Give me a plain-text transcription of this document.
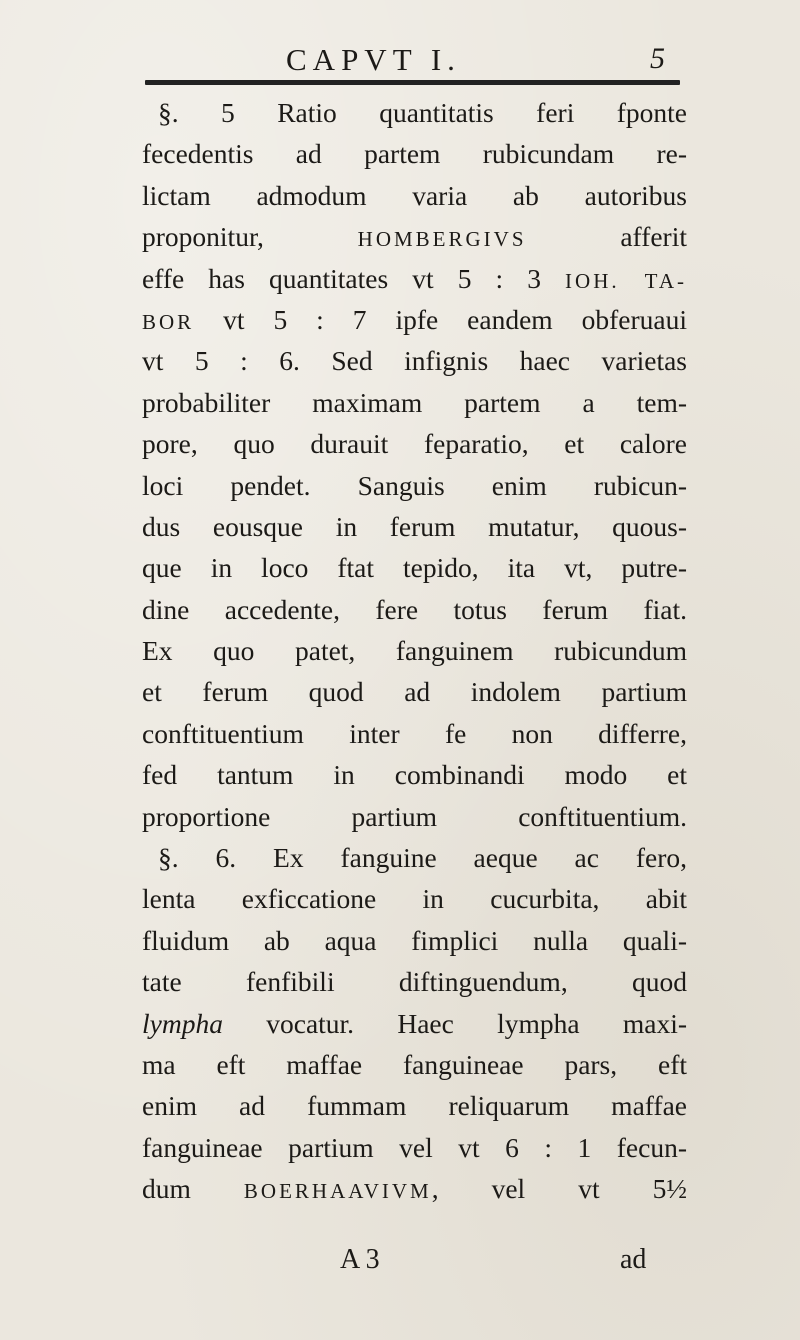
CAPVT I.	5
§. 5 Ratio quantitatis feri fponte
fecedentis ad partem rubicundam re-
lictam admodum varia ab autoribus
proponitur, HOMBERGIVS afferit
effe has quantitates vt 5 : 3 IOH. TA-
BOR vt 5 : 7 ipfe eandem obferuaui
vt 5 : 6. Sed infignis haec varietas
probabiliter maximam partem a tem-
pore, quo durauit feparatio, et calore
loci pendet. Sanguis enim rubicun-
dus eousque in ferum mutatur, quous-
que in loco ftat tepido, ita vt, putre-
dine accedente, fere totus ferum fiat.
Ex quo patet, fanguinem rubicundum
et ferum quod ad indolem partium
conftituentium inter fe non differre,
fed tantum in combinandi modo et
proportione partium conftituentium.
§. 6. Ex fanguine aeque ac fero,
lenta exficcatione in cucurbita, abit
fluidum ab aqua fimplici nulla quali-
tate fenfibili diftinguendum, quod
lympha vocatur. Haec lympha maxi-
ma eft maffae fanguineae pars, eft
enim ad fummam reliquarum maffae
fanguineae partium vel vt 6 : 1 fecun-
dum BOERHAAVIVM, vel vt 5½
A 3	ad
